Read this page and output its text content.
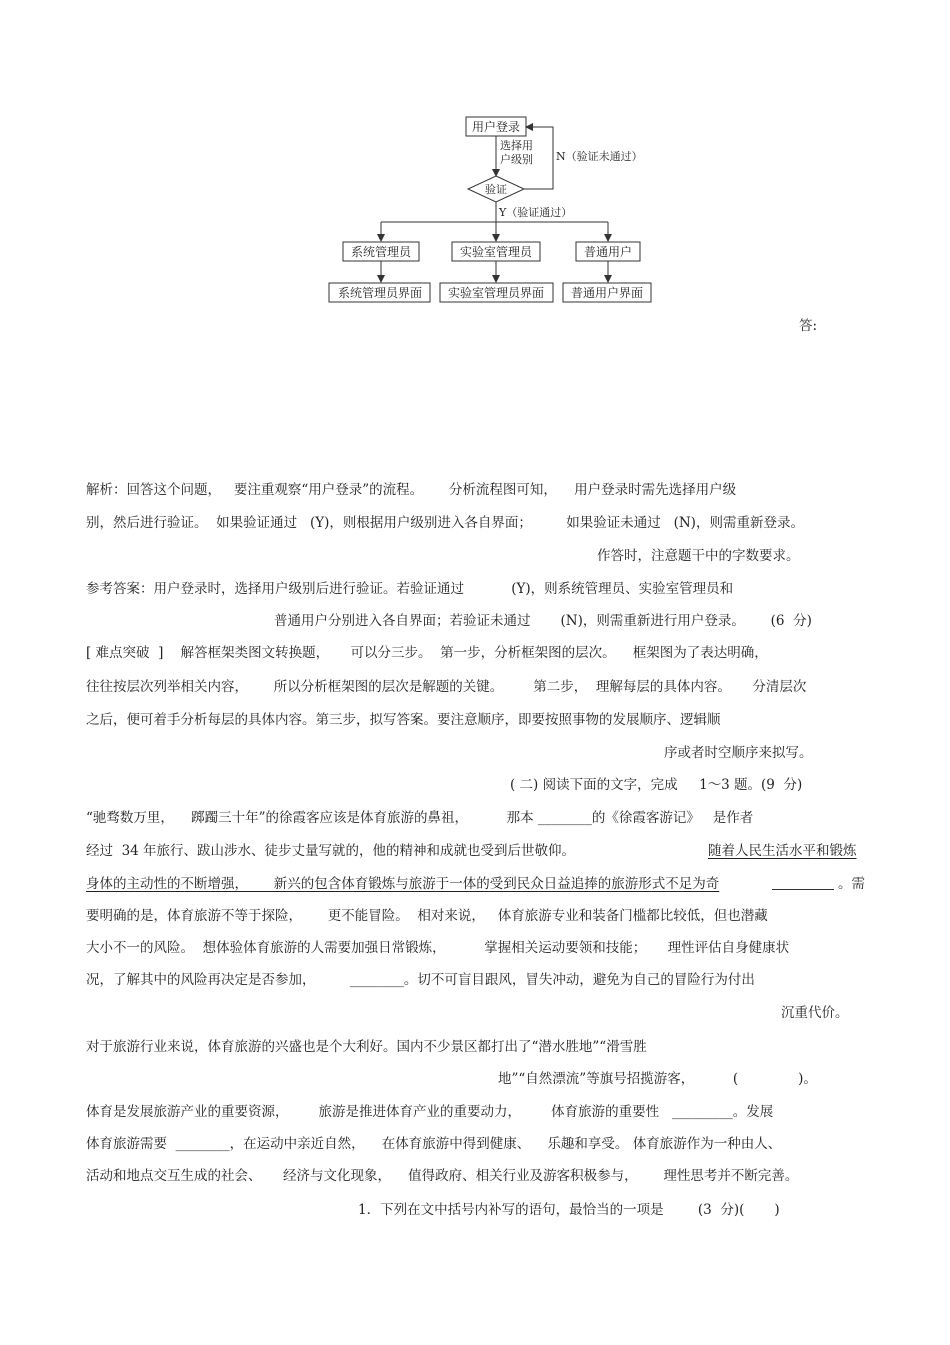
用户登录
选择用
户级别
验证
N（验证未通过）
Y（验证通过）
系统管理员	实验室管理员	普通用户
系统管理员界面 实验室管理员界面 普通用户界面
答:
解析：回答这个问题，   要注重观察“用户登录”的流程。      分析流程图可知，    用户登录时需先选择用户级
别，然后进行验证。  如果验证通过   (Y)，则根据用户级别进入各自界面；        如果验证未通过   (N)，则需重新登录。
作答时，注意题干中的字数要求。
参考答案：用户登录时，选择用户级别后进行验证。若验证通过           (Y)，则系统管理员、实验室管理员和
普通用户分别进入各自界面；若验证未通过       (N)，则需重新进行用户登录。      (6  分)
[ 难点突破  ]    解答框架类图文转换题，     可以分三步。  第一步，分析框架图的层次。    框架图为了表达明确，
往往按层次列举相关内容，      所以分析框架图的层次是解题的关键。       第二步，  理解每层的具体内容。     分清层次
之后，便可着手分析每层的具体内容。第三步，拟写答案。要注意顺序，即要按照事物的发展顺序、逻辑顺
序或者时空顺序来拟写。
( 二) 阅读下面的文字，完成     1～3 题。(9  分)
“驰骛数万里，    踯躅三十年”的徐霞客应该是体育旅游的鼻祖，         那本 ________的《徐霞客游记》   是作者
经过  34 年旅行、跋山涉水、徒步丈量写就的，他的精神和成就也受到后世敬仰。	随着人民生活水平和锻炼
身体的主动性的不断增强，      新兴的包含体育锻炼与旅游于一体的受到民众日益追捧的旅游形式不足为奇	。需
要明确的是，体育旅游不等于探险，      更不能冒险。  相对来说，   体育旅游专业和装备门槛都比较低，但也潜藏
大小不一的风险。  想体验体育旅游的人需要加强日常锻炼，         掌握相关运动要领和技能；     理性评估自身健康状
况，了解其中的风险再决定是否参加，        ________。切不可盲目跟风，冒失冲动，避免为自己的冒险行为付出
沉重代价。
对于旅游行业来说，体育旅游的兴盛也是个大利好。国内不少景区都打出了“潜水胜地”“滑雪胜
地”“自然漂流”等旗号招揽游客，         (              )。
体育是发展旅游产业的重要资源，       旅游是推进体育产业的重要动力，       体育旅游的重要性   _________。发展
体育旅游需要  ________，在运动中亲近自然，    在体育旅游中得到健康、    乐趣和享受。 体育旅游作为一种由人、
活动和地点交互生成的社会、     经济与文化现象，    值得政府、相关行业及游客积极参与，      理性思考并不断完善。
1．下列在文中括号内补写的语句，最恰当的一项是        (3  分)(       )
